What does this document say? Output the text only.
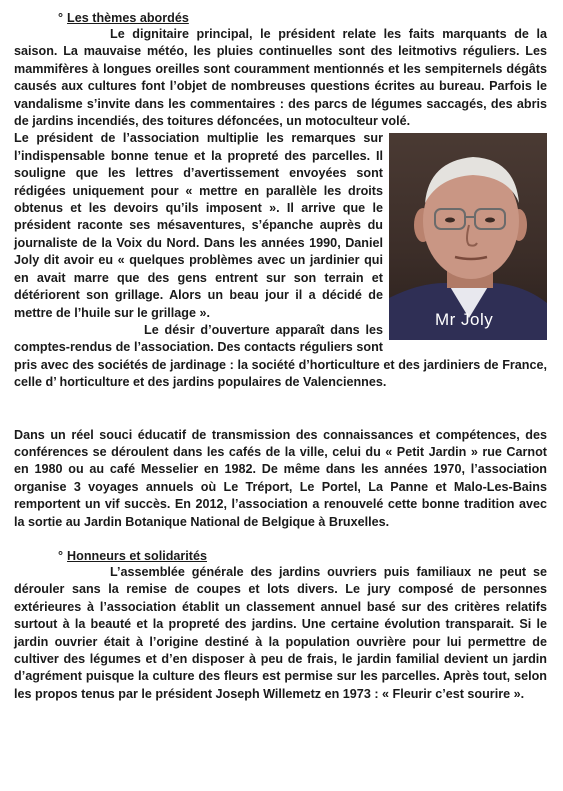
° Les thèmes abordés

Le dignitaire principal, le président relate les faits marquants de la saison. La mauvaise météo, les pluies continuelles sont des leitmotivs réguliers. Les mammifères à longues oreilles sont couramment mentionnés et les sempiternels dégâts causés aux cultures font l’objet de nombreuses questions écrites au bureau. Parfois le vandalisme s’invite dans les commentaires : des parcs de légumes saccagés, des abris de jardins incendiés, des toitures défoncées, un motoculteur volé.

Mr Joly

Le président de l’association multiplie les remarques sur l’indispensable bonne tenue et la propreté des parcelles. Il souligne que les lettres d’avertissement envoyées sont rédigées uniquement pour « mettre en parallèle les droits obtenus et les devoirs qu’ils imposent ». Il arrive que le président raconte ses mésaventures, s’épanche auprès du journaliste de la Voix du Nord. Dans les années 1990, Daniel Joly dit avoir eu « quelques problèmes avec un jardinier qui en avait marre que des gens entrent sur son terrain et détériorent son grillage. Alors un beau jour il a décidé de mettre de l’huile sur le grillage ».

Le désir d’ouverture apparaît dans les comptes-rendus de l’association. Des contacts réguliers sont pris avec des sociétés de jardinage : la société d’horticulture et des jardiniers de France, celle d’ horticulture et des jardins populaires de Valenciennes.

Dans un réel souci éducatif de transmission des connaissances et compétences, des conférences se déroulent dans les cafés de la ville, celui du « Petit Jardin » rue Carnot en 1980 ou au café Messelier en 1982. De même dans les années 1970, l’association organise 3 voyages annuels où Le Tréport, Le Portel, La Panne et Malo-Les-Bains remportent un vif succès. En 2012, l’association a renouvelé cette bonne tradition avec la sortie au Jardin Botanique National de Belgique à Bruxelles.

° Honneurs et solidarités

L’assemblée générale des jardins ouvriers puis familiaux ne peut se dérouler sans la remise de coupes et lots divers. Le jury composé de personnes extérieures à l’association établit un classement annuel basé sur des critères relatifs surtout à la beauté et la propreté des jardins. Une certaine évolution transparait. Si le jardin ouvrier était à l’origine destiné à la population ouvrière pour lui permettre de cultiver des légumes et d’en disposer à peu de frais, le jardin familial devient un jardin d’agrément puisque la culture des fleurs est permise sur les parcelles. Après tout, selon les propos tenus par le président Joseph Willemetz en 1973 : « Fleurir c’est sourire ».
